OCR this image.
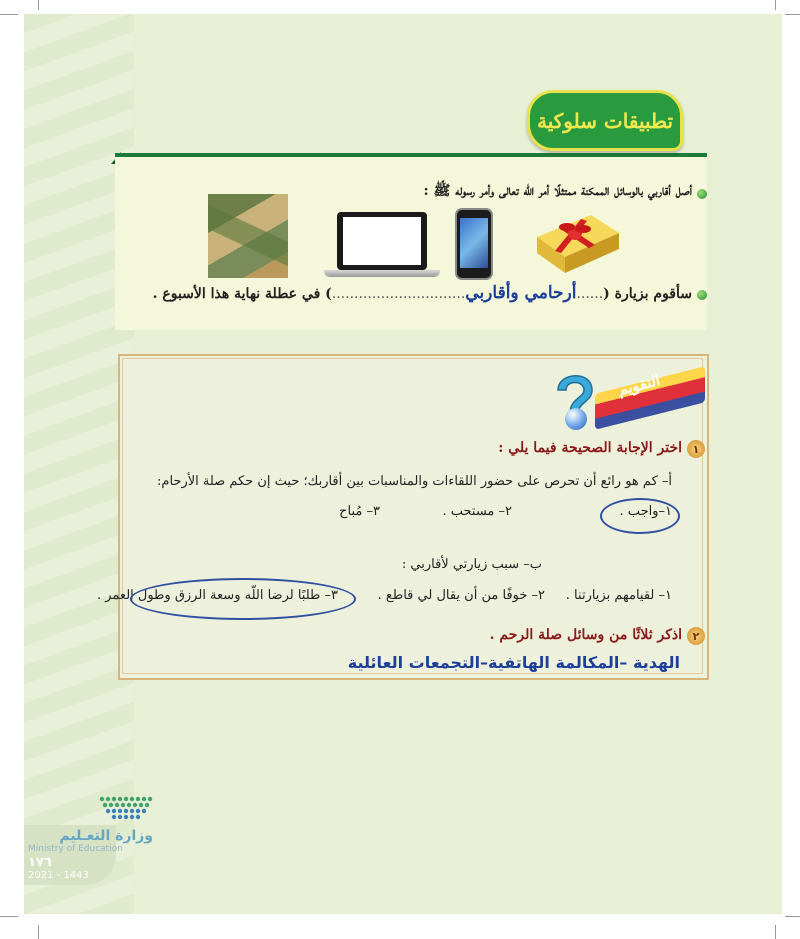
تطبيقات سلوكية
أصل أقاربي بالوسائل الممكنة ممتثلًا أمر اللّه تعالى وأمر رسوله ﷺ :
سأقوم بزيارة (......أرحامي وأقاربي..............................) في عطلة نهاية هذا الأسبوع .
التقويم
١
اختر الإجابة الصحيحة فيما يلي :
أ– كم هو رائع أن تحرص على حضور اللقاءات والمناسبات بين أقاربك؛ حيث إن حكم صلة الأرحام:
١–واجب .
٢– مستحب .
٣– مُباح
ب– سبب زيارتي لأقاربي :
١– لقيامهم بزيارتنا .
٢– خوفًا من أن يقال لي قاطع .
٣– طلبًا لرضا اللّه وسعة الرزق وطول العمر .
٢
اذكر ثلاثًا من وسائل صلة الرحم .
الهدية –المكالمة الهاتفية–التجمعات العائلية
وزارة التعـليم
Ministry of Education
١٧٦
2021 - 1443
